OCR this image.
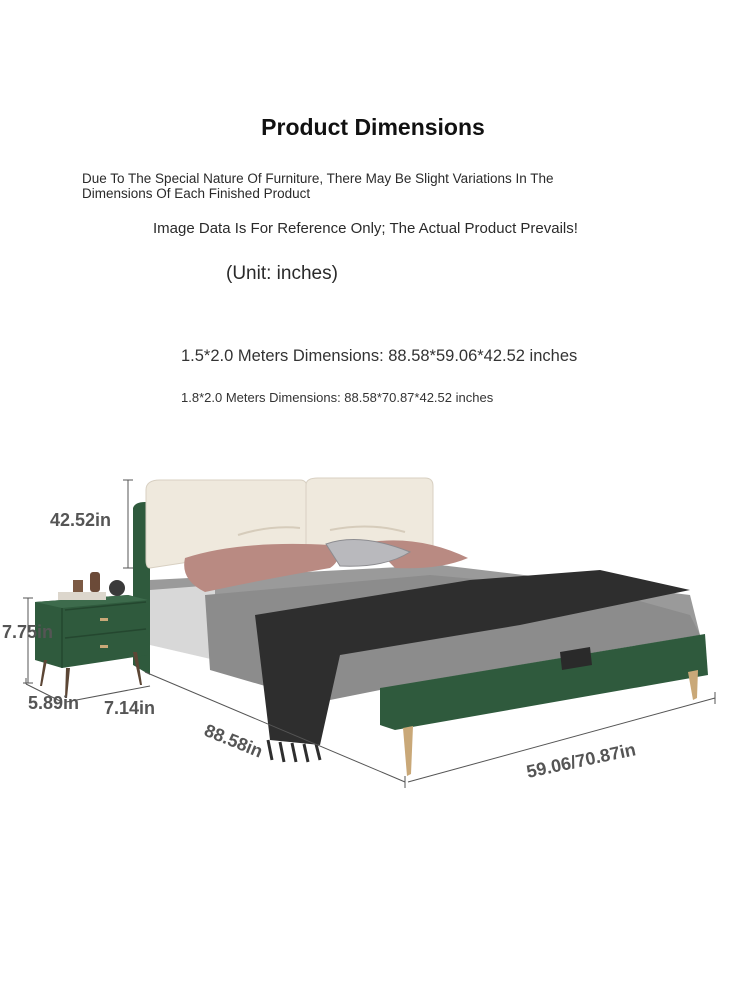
Product Dimensions

Due To The Special Nature Of Furniture, There May Be Slight Variations In The Dimensions Of Each Finished Product

Image Data Is For Reference Only; The Actual Product Prevails!

(Unit: inches)

1.5*2.0 Meters Dimensions: 88.58*59.06*42.52 inches

1.8*2.0 Meters Dimensions: 88.58*70.87*42.52 inches

42.52in
7.75in
5.89in 7.14in
88.58in	59.06/70.87in
